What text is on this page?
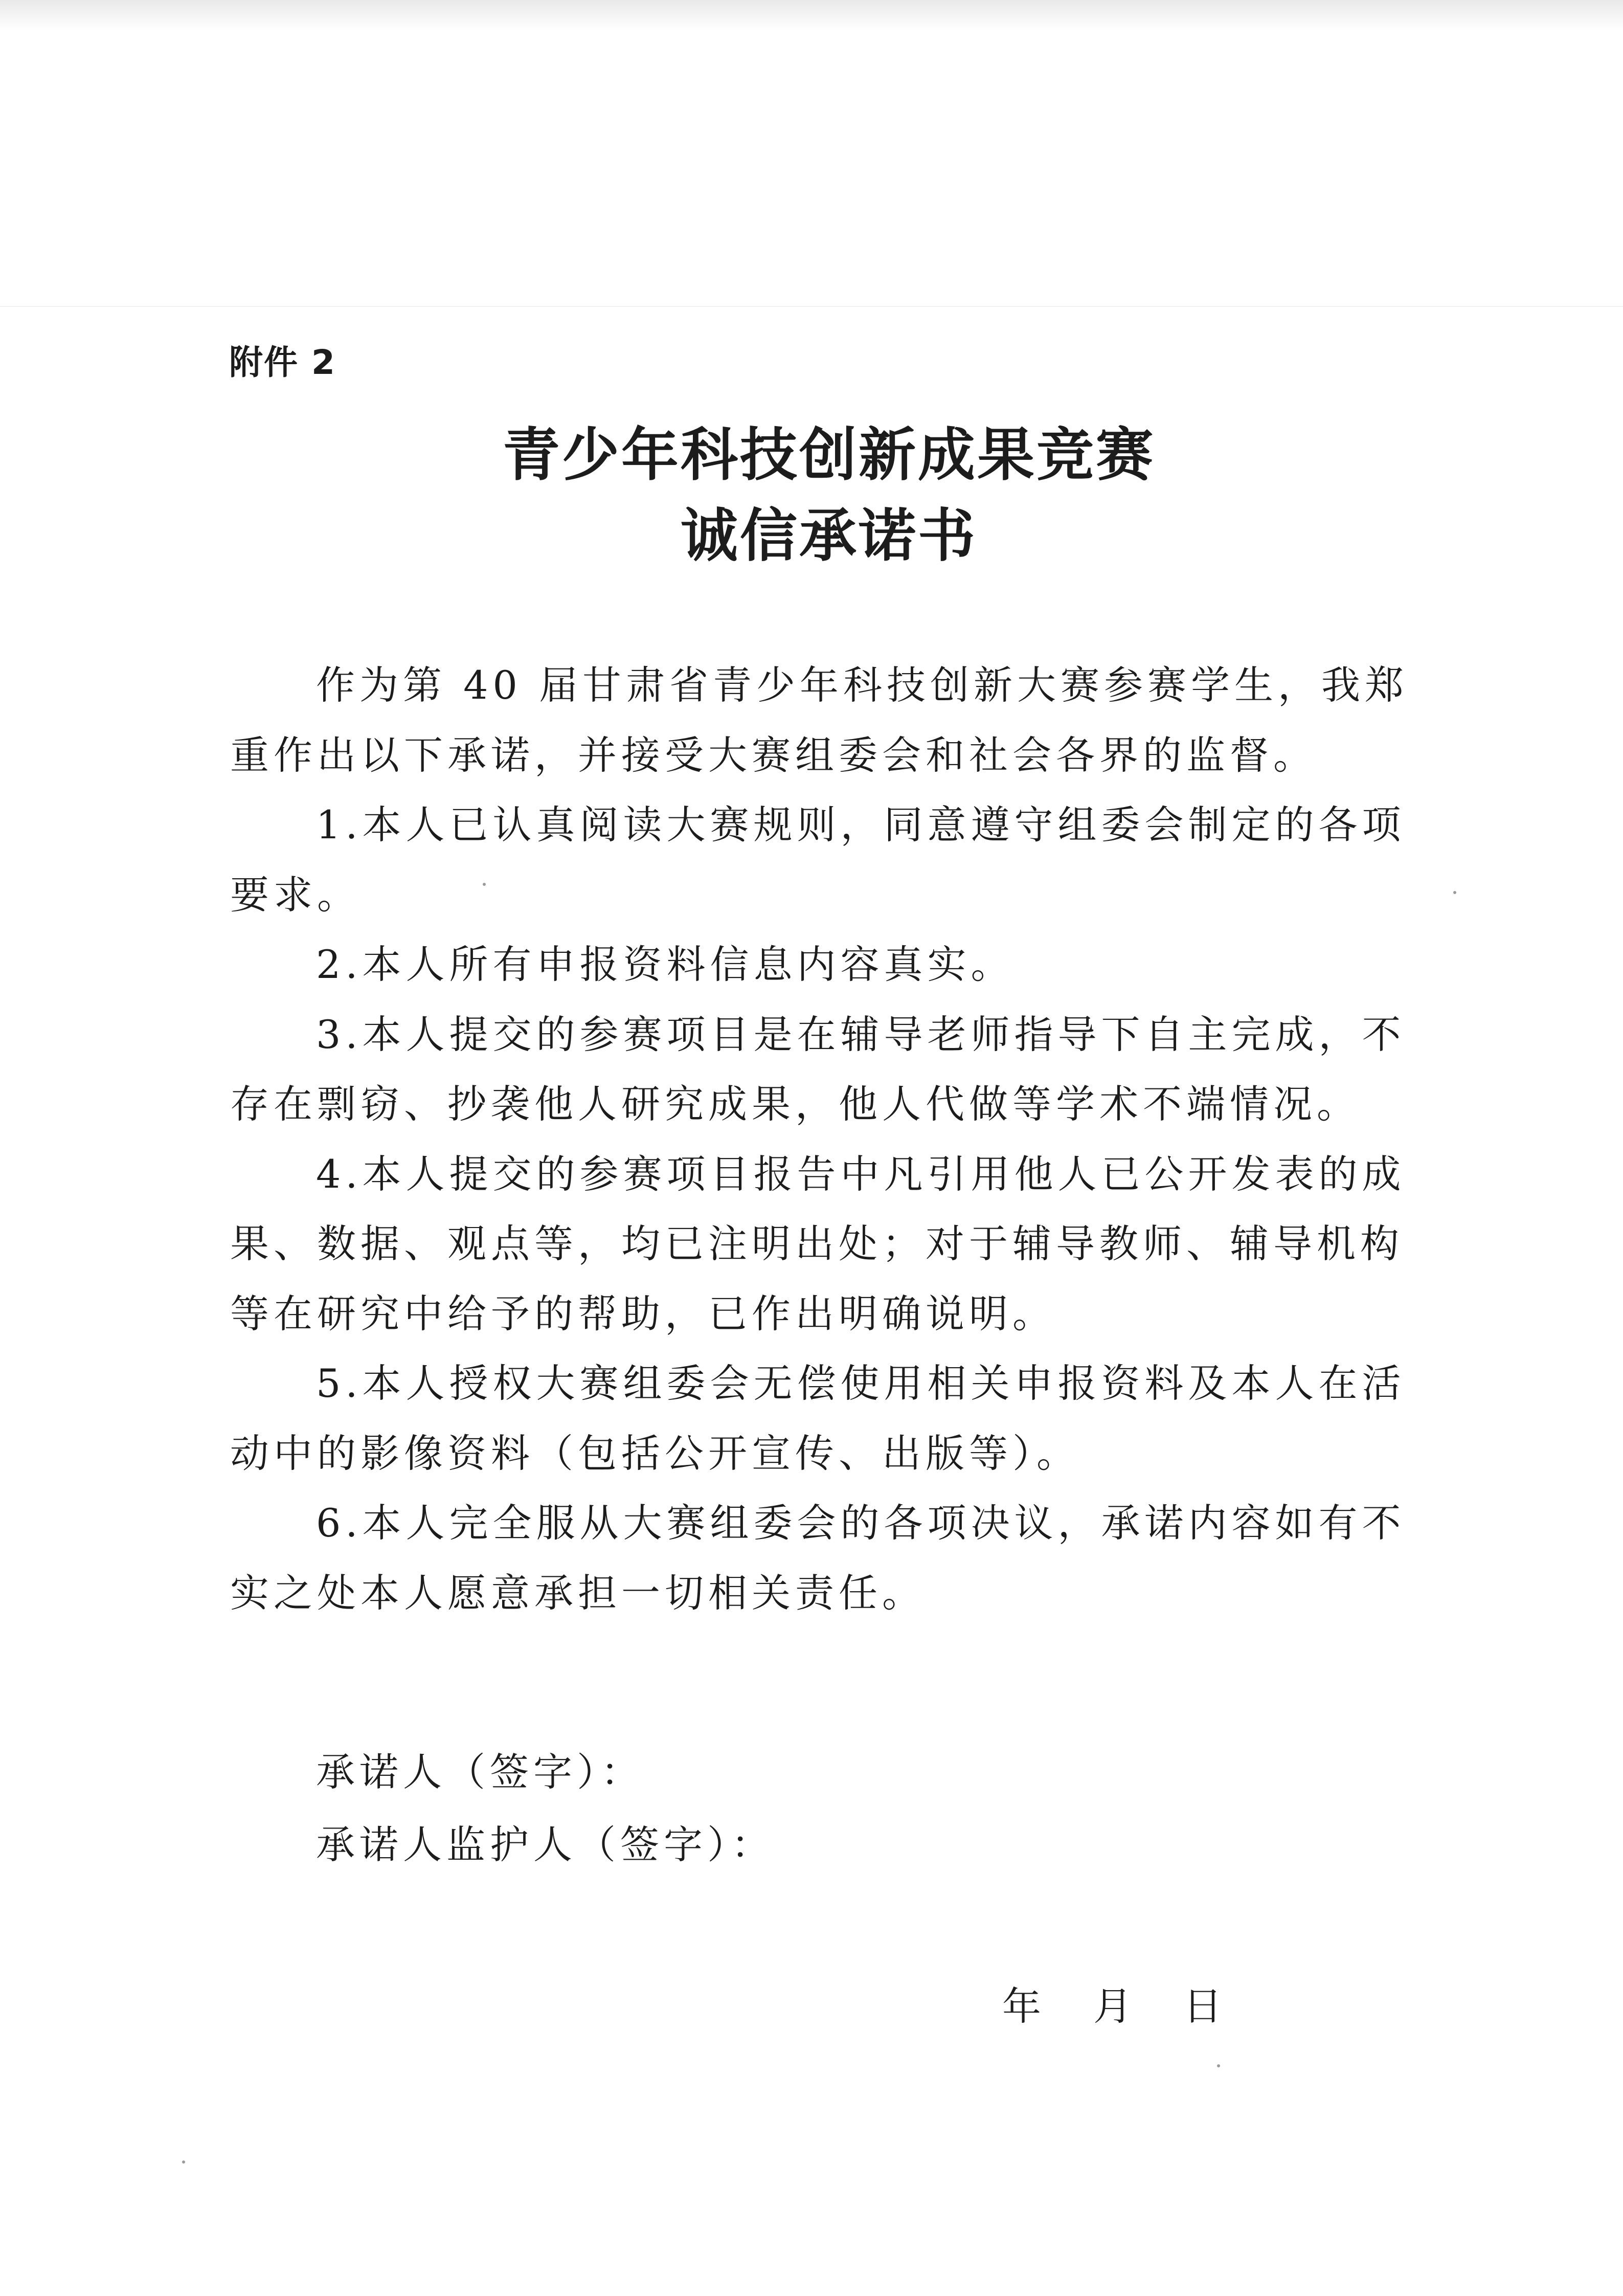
附件 2
青少年科技创新成果竞赛
诚信承诺书

作为第 40 届甘肃省青少年科技创新大赛参赛学生，我郑重作出以下承诺，并接受大赛组委会和社会各界的监督。

1.本人已认真阅读大赛规则，同意遵守组委会制定的各项要求。

2.本人所有申报资料信息内容真实。

3.本人提交的参赛项目是在辅导老师指导下自主完成，不存在剽窃、抄袭他人研究成果，他人代做等学术不端情况。

4.本人提交的参赛项目报告中凡引用他人已公开发表的成果、数据、观点等，均已注明出处；对于辅导教师、辅导机构等在研究中给予的帮助，已作出明确说明。

5.本人授权大赛组委会无偿使用相关申报资料及本人在活动中的影像资料（包括公开宣传、出版等）。

6.本人完全服从大赛组委会的各项决议，承诺内容如有不实之处本人愿意承担一切相关责任。

承诺人（签字）：
承诺人监护人（签字）：
年 月 日
